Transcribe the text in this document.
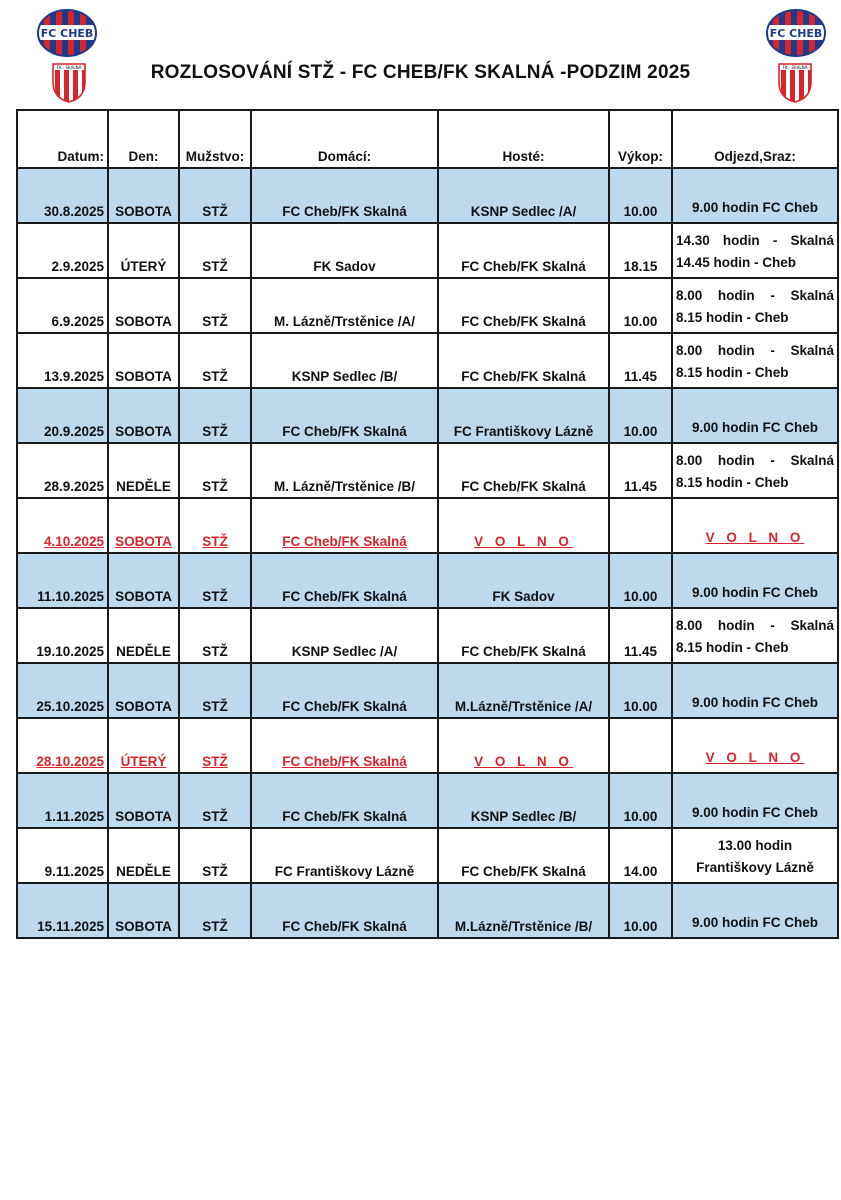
FC CHEB
FK - SKALNÁ
FC CHEB
FK - SKALNÁ
ROZLOSOVÁNÍ STŽ - FC CHEB/FK SKALNÁ -PODZIM 2025
Datum:	Den:	Mužstvo:	Domácí:	Hosté:	Výkop:	Odjezd,Sraz:
30.8.2025	SOBOTA	STŽ	FC Cheb/FK Skalná	KSNP Sedlec /A/	10.00	9.00 hodin FC Cheb

2.9.2025	ÚTERÝ	STŽ	FK Sadov	FC Cheb/FK Skalná	18.15	14.30 hodin - Skalná
14.45 hodin - Cheb

6.9.2025	SOBOTA	STŽ	M. Lázně/Trstěnice /A/	FC Cheb/FK Skalná	10.00	8.00 hodin - Skalná
8.15 hodin - Cheb

13.9.2025	SOBOTA	STŽ	KSNP Sedlec /B/	FC Cheb/FK Skalná	11.45	8.00 hodin - Skalná
8.15 hodin - Cheb

20.9.2025	SOBOTA	STŽ	FC Cheb/FK Skalná	FC Františkovy Lázně	10.00	9.00 hodin FC Cheb

28.9.2025	NEDĚLE	STŽ	M. Lázně/Trstěnice /B/	FC Cheb/FK Skalná	11.45	8.00 hodin - Skalná
8.15 hodin - Cheb

4.10.2025	SOBOTA	STŽ	FC Cheb/FK Skalná	V O L N O		V O L N O

11.10.2025	SOBOTA	STŽ	FC Cheb/FK Skalná	FK Sadov	10.00	9.00 hodin FC Cheb

19.10.2025	NEDĚLE	STŽ	KSNP Sedlec /A/	FC Cheb/FK Skalná	11.45	8.00 hodin - Skalná
8.15 hodin - Cheb

25.10.2025	SOBOTA	STŽ	FC Cheb/FK Skalná	M.Lázně/Trstěnice /A/	10.00	9.00 hodin FC Cheb

28.10.2025	ÚTERÝ	STŽ	FC Cheb/FK Skalná	V O L N O		V O L N O

1.11.2025	SOBOTA	STŽ	FC Cheb/FK Skalná	KSNP Sedlec /B/	10.00	9.00 hodin FC Cheb

9.11.2025	NEDĚLE	STŽ	FC Františkovy Lázně	FC Cheb/FK Skalná	14.00	13.00 hodin
Františkovy Lázně

15.11.2025	SOBOTA	STŽ	FC Cheb/FK Skalná	M.Lázně/Trstěnice /B/	10.00	9.00 hodin FC Cheb
